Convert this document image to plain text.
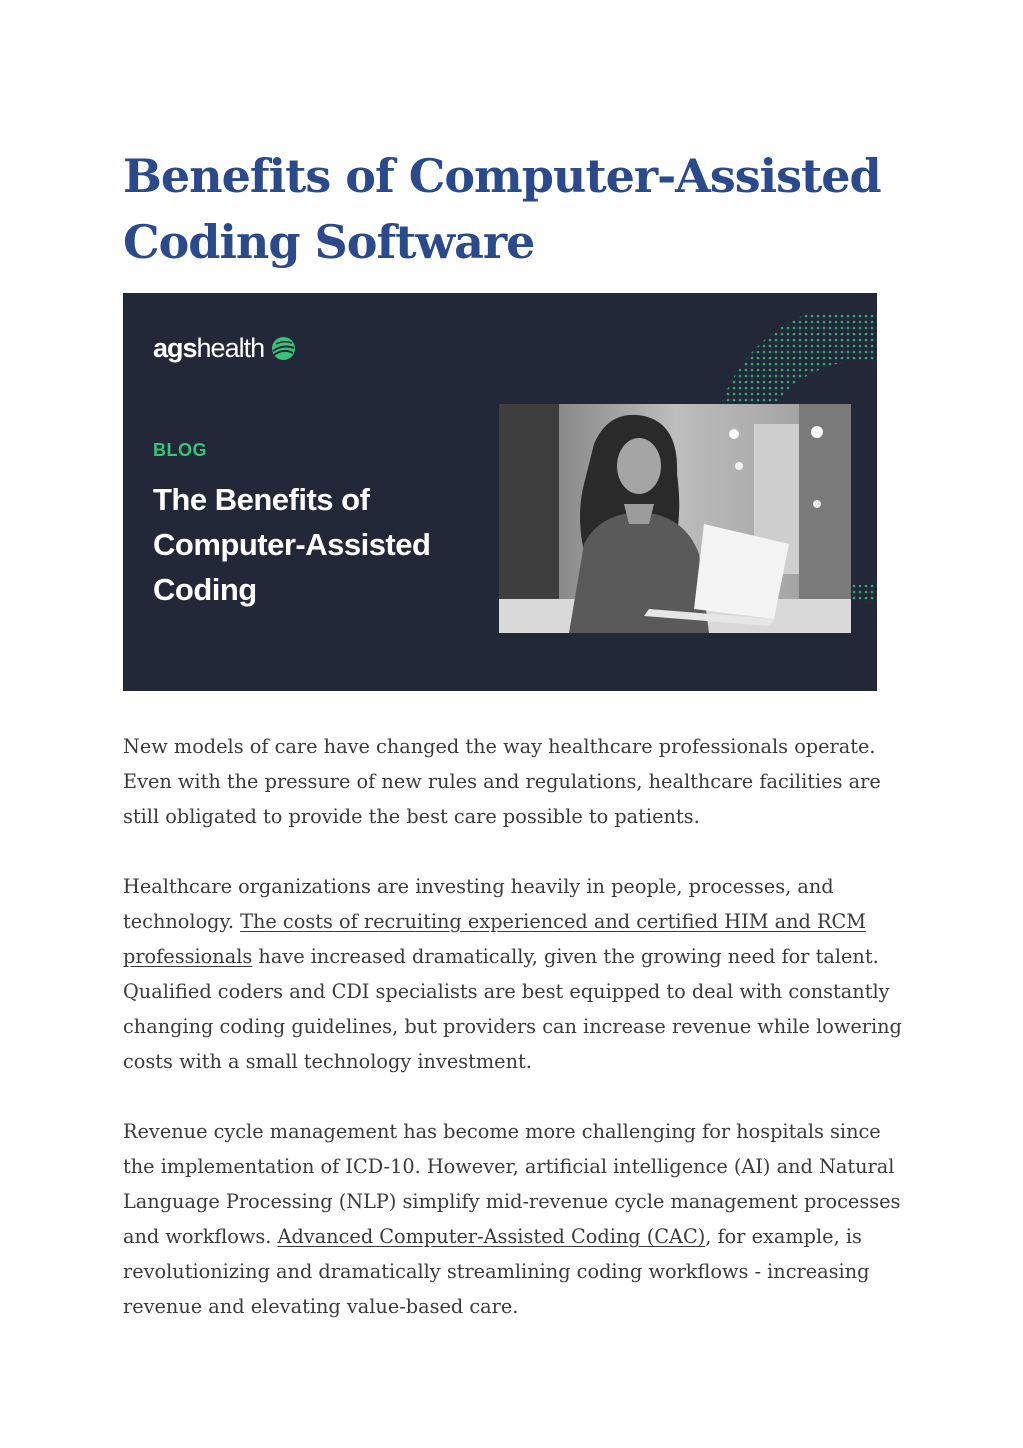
Benefits of Computer-Assisted Coding Software
ags health
BLOG
The Benefits of Computer-Assisted Coding

New models of care have changed the way healthcare professionals operate. Even with the pressure of new rules and regulations, healthcare facilities are still obligated to provide the best care possible to patients.

Healthcare organizations are investing heavily in people, processes, and technology. The costs of recruiting experienced and certified HIM and RCM professionals have increased dramatically, given the growing need for talent. Qualified coders and CDI specialists are best equipped to deal with constantly changing coding guidelines, but providers can increase revenue while lowering costs with a small technology investment.

Revenue cycle management has become more challenging for hospitals since the implementation of ICD-10. However, artificial intelligence (AI) and Natural Language Processing (NLP) simplify mid-revenue cycle management processes and workflows. Advanced Computer-Assisted Coding (CAC), for example, is revolutionizing and dramatically streamlining coding workflows - increasing revenue and elevating value-based care.
